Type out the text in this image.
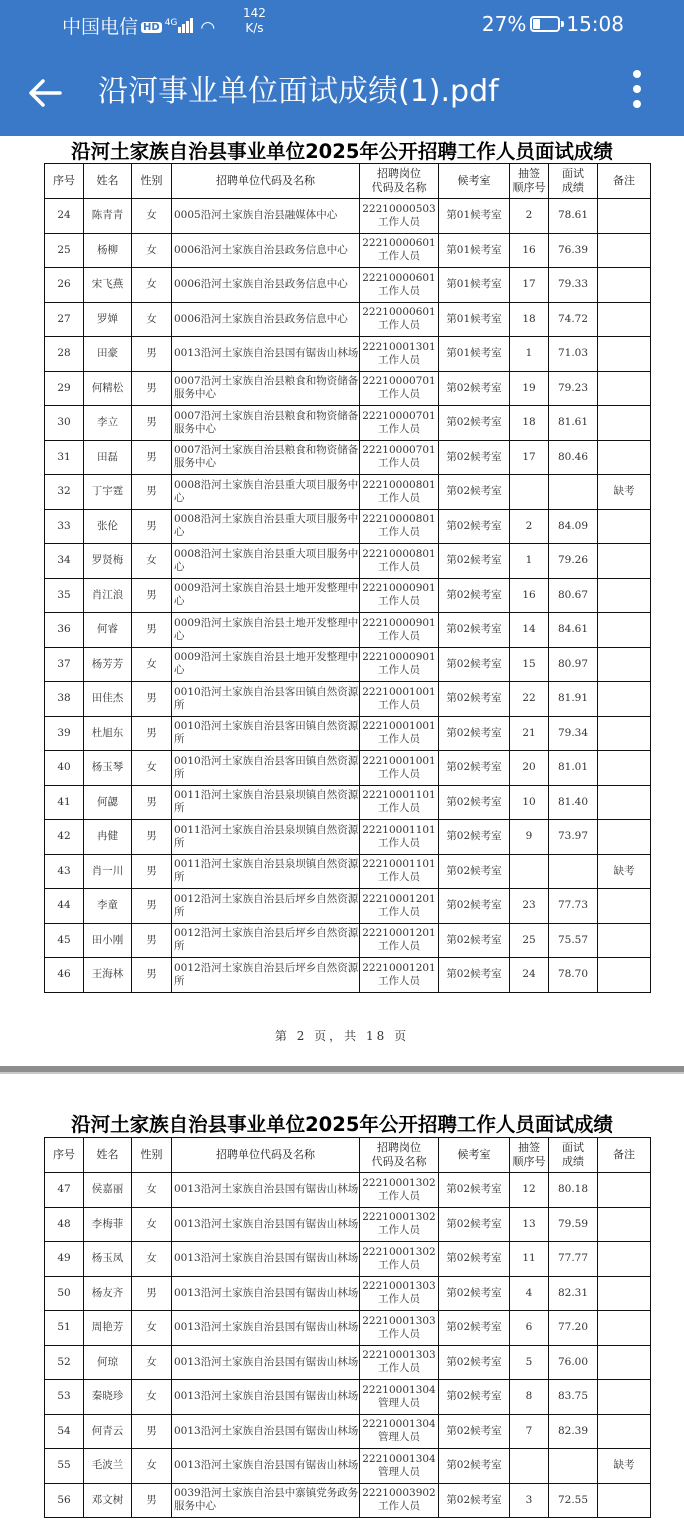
中国电信 HD 4G ◠
142
K/s	27% 15:08
沿河事业单位面试成绩(1).pdf
沿河土家族自治县事业单位2025年公开招聘工作人员面试成绩
序号	姓名	性别	招聘单位代码及名称	招聘岗位
代码及名称	候考室	抽签
顺序号	面试
成绩	备注
24	陈青青	女	0005沿河土家族自治县融媒体中心	22210000503
工作人员	第01候考室	2	78.61	
25	杨柳	女	0006沿河土家族自治县政务信息中心	22210000601
工作人员	第01候考室	16	76.39	
26	宋飞燕	女	0006沿河土家族自治县政务信息中心	22210000601
工作人员	第01候考室	17	79.33	
27	罗婵	女	0006沿河土家族自治县政务信息中心	22210000601
工作人员	第01候考室	18	74.72	
28	田豪	男	0013沿河土家族自治县国有锯齿山林场	22210001301
工作人员	第01候考室	1	71.03	
29	何精松	男	0007沿河土家族自治县粮食和物资储备服务中心	22210000701
工作人员	第02候考室	19	79.23	
30	李立	男	0007沿河土家族自治县粮食和物资储备服务中心	22210000701
工作人员	第02候考室	18	81.61	
31	田磊	男	0007沿河土家族自治县粮食和物资储备服务中心	22210000701
工作人员	第02候考室	17	80.46	
32	丁宇霆	男	0008沿河土家族自治县重大项目服务中心	22210000801
工作人员	第02候考室			缺考
33	张伦	男	0008沿河土家族自治县重大项目服务中心	22210000801
工作人员	第02候考室	2	84.09	
34	罗贤梅	女	0008沿河土家族自治县重大项目服务中心	22210000801
工作人员	第02候考室	1	79.26	
35	肖江浪	男	0009沿河土家族自治县土地开发整理中心	22210000901
工作人员	第02候考室	16	80.67	
36	何睿	男	0009沿河土家族自治县土地开发整理中心	22210000901
工作人员	第02候考室	14	84.61	
37	杨芳芳	女	0009沿河土家族自治县土地开发整理中心	22210000901
工作人员	第02候考室	15	80.97	
38	田佳杰	男	0010沿河土家族自治县客田镇自然资源所	22210001001
工作人员	第02候考室	22	81.91	
39	杜旭东	男	0010沿河土家族自治县客田镇自然资源所	22210001001
工作人员	第02候考室	21	79.34	
40	杨玉琴	女	0010沿河土家族自治县客田镇自然资源所	22210001001
工作人员	第02候考室	20	81.01	
41	何勰	男	0011沿河土家族自治县泉坝镇自然资源所	22210001101
工作人员	第02候考室	10	81.40	
42	冉健	男	0011沿河土家族自治县泉坝镇自然资源所	22210001101
工作人员	第02候考室	9	73.97	
43	肖一川	男	0011沿河土家族自治县泉坝镇自然资源所	22210001101
工作人员	第02候考室			缺考
44	李童	男	0012沿河土家族自治县后坪乡自然资源所	22210001201
工作人员	第02候考室	23	77.73	
45	田小刚	男	0012沿河土家族自治县后坪乡自然资源所	22210001201
工作人员	第02候考室	25	75.57	
46	王海林	男	0012沿河土家族自治县后坪乡自然资源所	22210001201
工作人员	第02候考室	24	78.70	
第 2 页，共 18 页
沿河土家族自治县事业单位2025年公开招聘工作人员面试成绩
序号	姓名	性别	招聘单位代码及名称	招聘岗位
代码及名称	候考室	抽签
顺序号	面试
成绩	备注
47	侯嘉丽	女	0013沿河土家族自治县国有锯齿山林场	22210001302
工作人员	第02候考室	12	80.18	
48	李梅菲	女	0013沿河土家族自治县国有锯齿山林场	22210001302
工作人员	第02候考室	13	79.59	
49	杨玉凤	女	0013沿河土家族自治县国有锯齿山林场	22210001302
工作人员	第02候考室	11	77.77	
50	杨友齐	男	0013沿河土家族自治县国有锯齿山林场	22210001303
工作人员	第02候考室	4	82.31	
51	周艳芳	女	0013沿河土家族自治县国有锯齿山林场	22210001303
工作人员	第02候考室	6	77.20	
52	何琼	女	0013沿河土家族自治县国有锯齿山林场	22210001303
工作人员	第02候考室	5	76.00	
53	秦晓珍	女	0013沿河土家族自治县国有锯齿山林场	22210001304
管理人员	第02候考室	8	83.75	
54	何青云	男	0013沿河土家族自治县国有锯齿山林场	22210001304
管理人员	第02候考室	7	82.39	
55	毛波兰	女	0013沿河土家族自治县国有锯齿山林场	22210001304
管理人员	第02候考室			缺考
56	邓文树	男	0039沿河土家族自治县中寨镇党务政务服务中心	22210003902
工作人员	第02候考室	3	72.55	
